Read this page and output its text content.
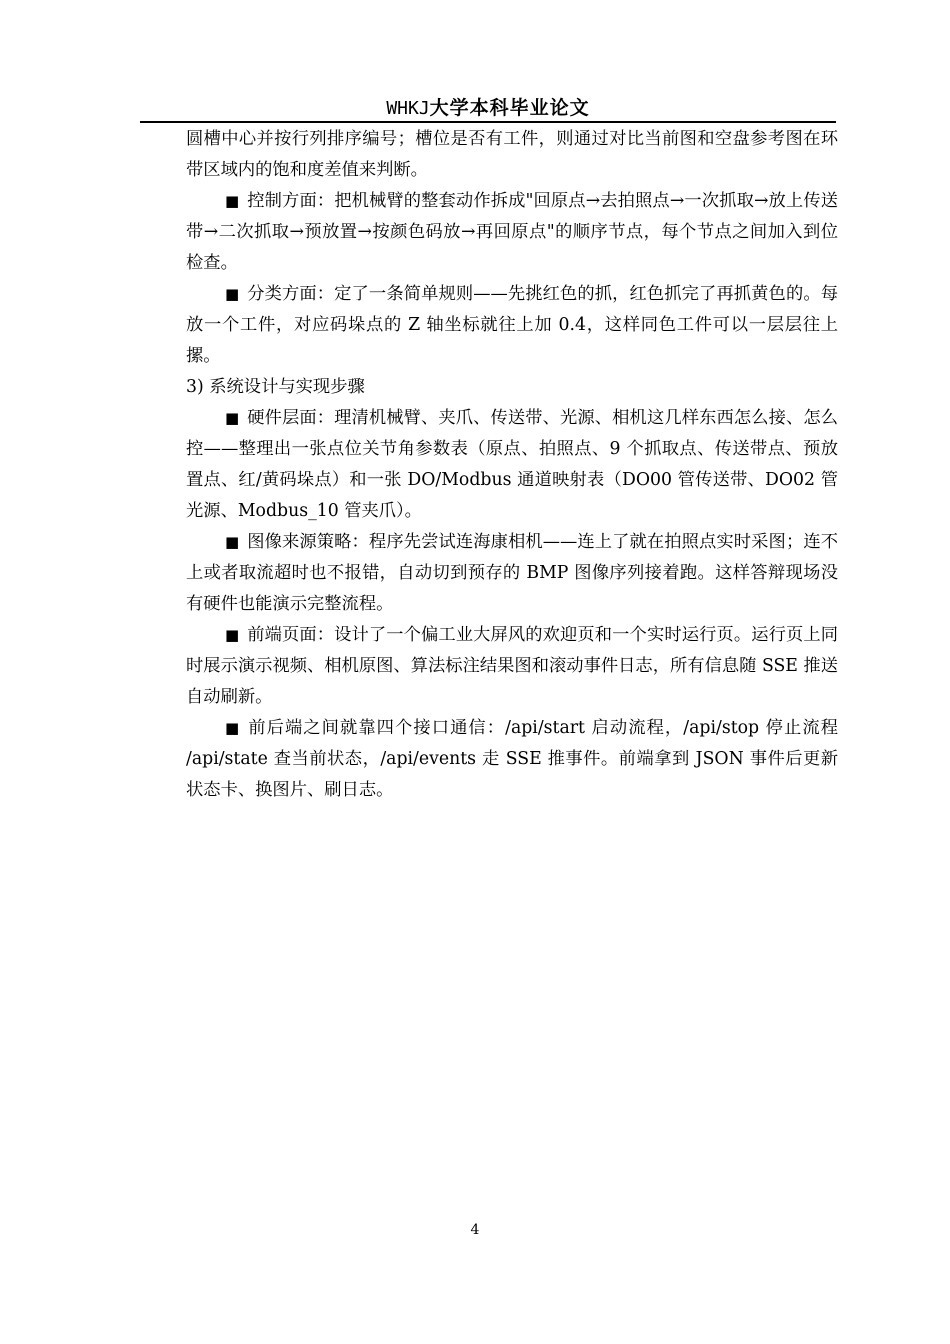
WHKJ大学本科毕业论文

圆槽中心并按行列排序编号；槽位是否有工件，则通过对比当前图和空盘参考图在环带区域内的饱和度差值来判断。

■ 控制方面：把机械臂的整套动作拆成"回原点→去拍照点→一次抓取→放上传送带→二次抓取→预放置→按颜色码放→再回原点"的顺序节点，每个节点之间加入到位检查。

■ 分类方面：定了一条简单规则——先挑红色的抓，红色抓完了再抓黄色的。每放一个工件，对应码垛点的 Z 轴坐标就往上加 0.4，这样同色工件可以一层层往上摞。

3) 系统设计与实现步骤

■ 硬件层面：理清机械臂、夹爪、传送带、光源、相机这几样东西怎么接、怎么控——整理出一张点位关节角参数表（原点、拍照点、9 个抓取点、传送带点、预放置点、红/黄码垛点）和一张 DO/Modbus 通道映射表（DO00 管传送带、DO02 管光源、Modbus_10 管夹爪）。

■ 图像来源策略：程序先尝试连海康相机——连上了就在拍照点实时采图；连不上或者取流超时也不报错，自动切到预存的 BMP 图像序列接着跑。这样答辩现场没有硬件也能演示完整流程。

■ 前端页面：设计了一个偏工业大屏风的欢迎页和一个实时运行页。运行页上同时展示演示视频、相机原图、算法标注结果图和滚动事件日志，所有信息随 SSE 推送自动刷新。

■ 前后端之间就靠四个接口通信：/api/start 启动流程，/api/stop 停止流程 /api/state 查当前状态，/api/events 走 SSE 推事件。前端拿到 JSON 事件后更新状态卡、换图片、刷日志。

4
